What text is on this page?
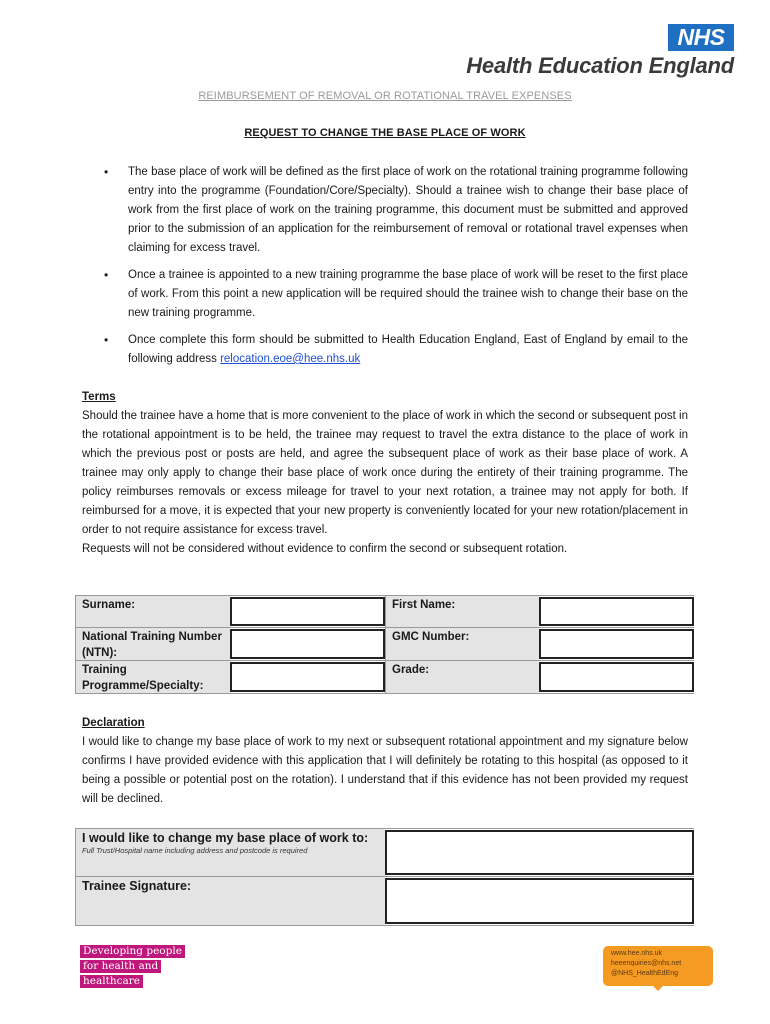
NHS
Health Education England
REIMBURSEMENT OF REMOVAL OR ROTATIONAL TRAVEL EXPENSES
REQUEST TO CHANGE THE BASE PLACE OF WORK
• The base place of work will be defined as the first place of work on the rotational training programme following entry into the programme (Foundation/Core/Specialty). Should a trainee wish to change their base place of work from the first place of work on the training programme, this document must be submitted and approved prior to the submission of an application for the reimbursement of removal or rotational travel expenses when claiming for excess travel.
• Once a trainee is appointed to a new training programme the base place of work will be reset to the first place of work. From this point a new application will be required should the trainee wish to change their base on the new training programme.
• Once complete this form should be submitted to Health Education England, East of England by email to the following address relocation.eoe@hee.nhs.uk
Terms
Should the trainee have a home that is more convenient to the place of work in which the second or subsequent post in the rotational appointment is to be held, the trainee may request to travel the extra distance to the place of work in which the previous post or posts are held, and agree the subsequent place of work as their base place of work. A trainee may only apply to change their base place of work once during the entirety of their training programme. The policy reimburses removals or excess mileage for travel to your next rotation, a trainee may not apply for both. If reimbursed for a move, it is expected that your new property is conveniently located for your new rotation/placement in order to not require assistance for excess travel.
Requests will not be considered without evidence to confirm the second or subsequent rotation.
Surname:	First Name:
National Training Number (NTN):
GMC Number:
Training Programme/Specialty:
Grade:
Declaration
I would like to change my base place of work to my next or subsequent rotational appointment and my signature below confirms I have provided evidence with this application that I will definitely be rotating to this hospital (as opposed to it being a possible or potential post on the rotation). I understand that if this evidence has not been provided my request will be declined.
I would like to change my base place of work to:
Full Trust/Hospital name including address and postcode is required
Trainee Signature:
Developing people
for health and
healthcare
www.hee.nhs.uk
heeenquiries@nhs.net
@NHS_HealthEdEng
